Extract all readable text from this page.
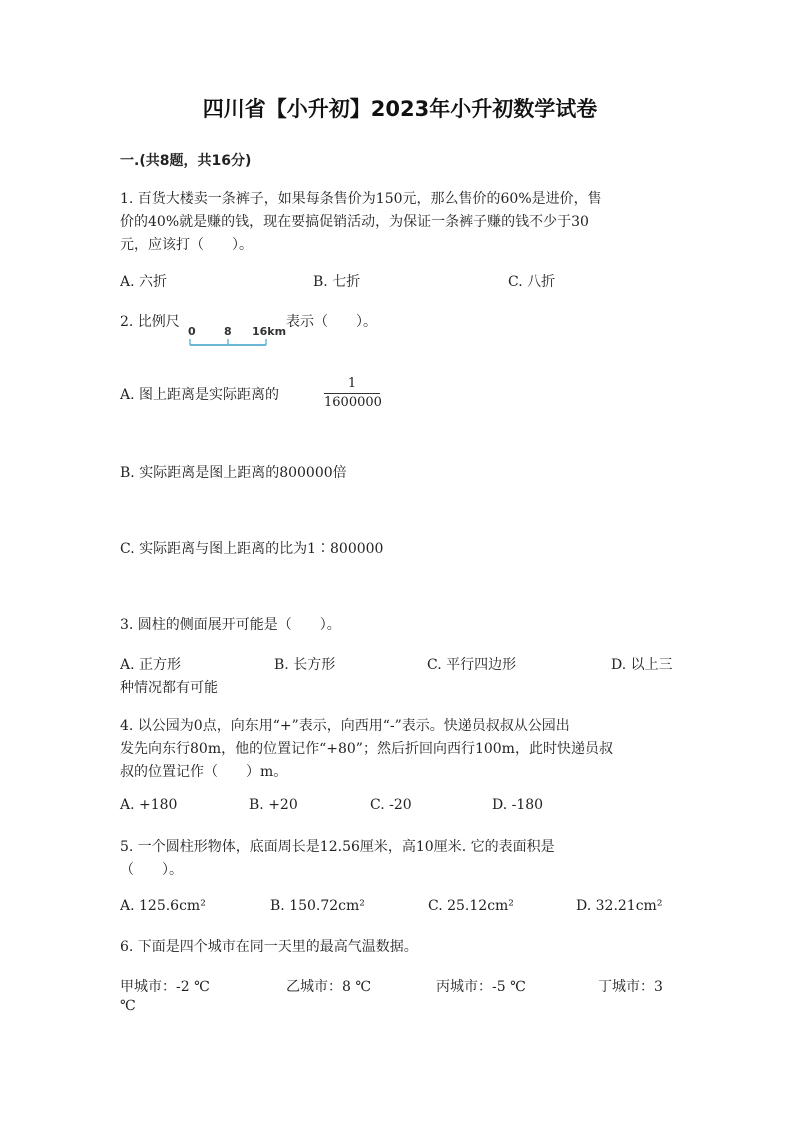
四川省【小升初】2023年小升初数学试卷
一.(共8题，共16分)
1. 百货大楼卖一条裤子，如果每条售价为150元，那么售价的60%是进价，售
价的40%就是赚的钱，现在要搞促销活动，为保证一条裤子赚的钱不少于30
元，应该打（　　）。
A. 六折	B. 七折	C. 八折
2. 比例尺
0	8 16km
表示（　　）。
A. 图上距离是实际距离的
1
1600000
B. 实际距离是图上距离的800000倍
C. 实际距离与图上距离的比为1∶800000
3. 圆柱的侧面展开可能是（　　）。
A. 正方形	B. 长方形	C. 平行四边形	D. 以上三
种情况都有可能
4. 以公园为0点，向东用“+”表示，向西用“-”表示。快递员叔叔从公园出
发先向东行80m，他的位置记作“+80”；然后折回向西行100m，此时快递员叔
叔的位置记作（　　）m。
A. +180	B. +20	C. -20	D. -180
5. 一个圆柱形物体，底面周长是12.56厘米，高10厘米. 它的表面积是
（　　）。
A. 125.6cm²	B. 150.72cm²	C. 25.12cm²	D. 32.21cm²
6. 下面是四个城市在同一天里的最高气温数据。
甲城市：-2 ℃	乙城市：8 ℃	丙城市：-5 ℃	丁城市：3
℃
